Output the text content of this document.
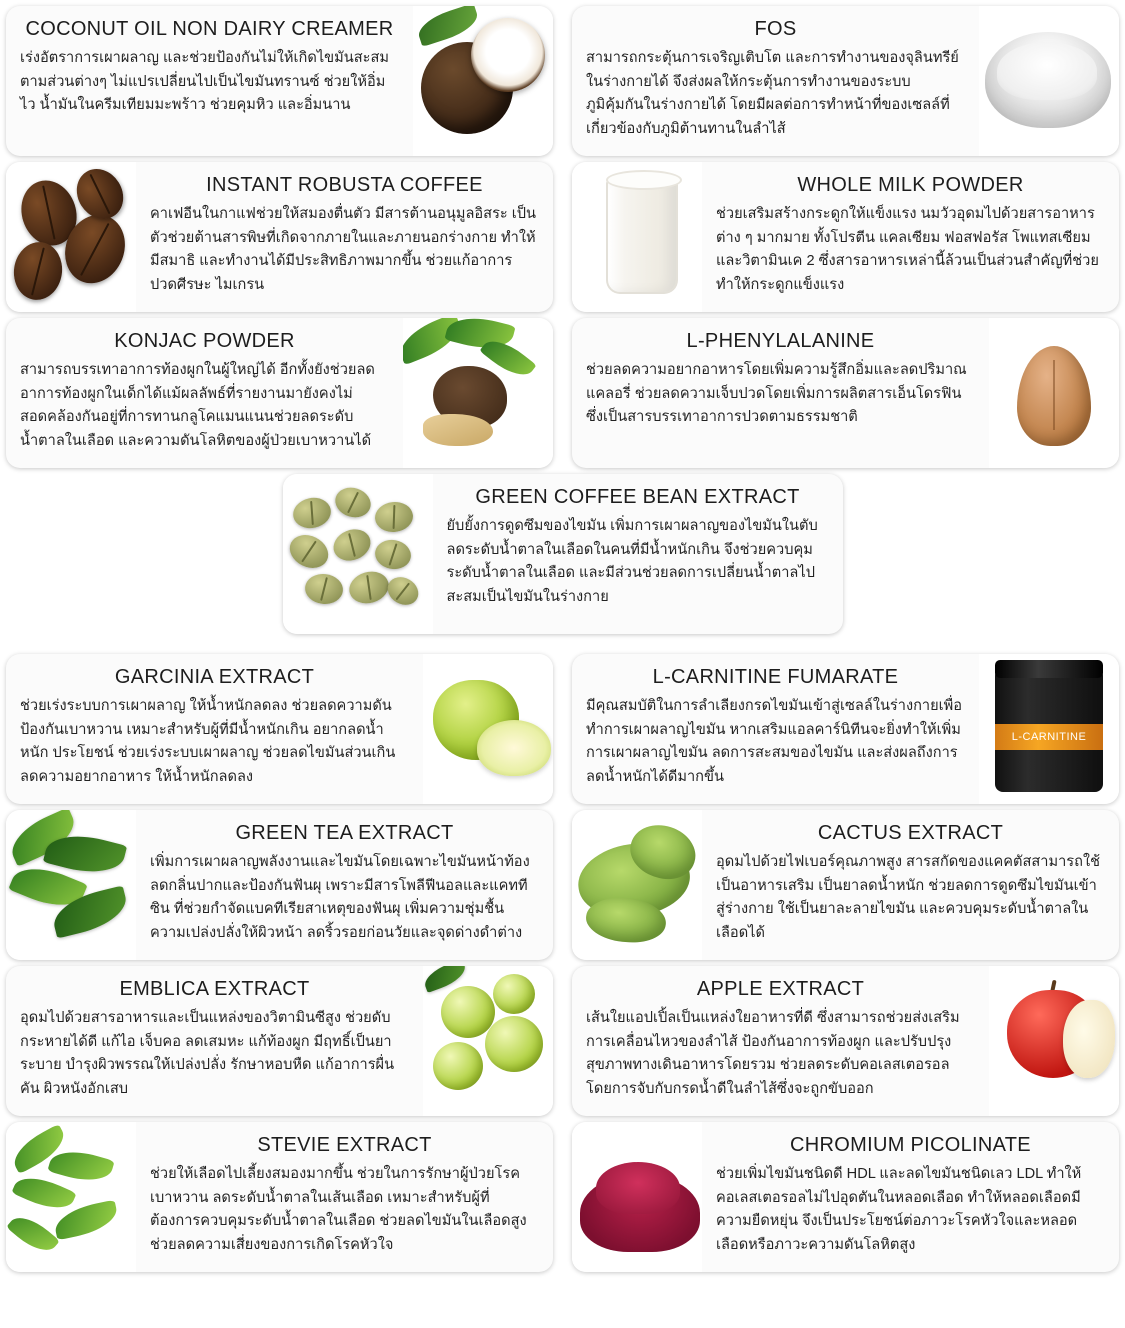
COCONUT OIL NON DAIRY CREAMER
เร่งอัตราการเผาผลาญ และช่วยป้องกันไม่ให้เกิดไขมันสะสมตามส่วนต่างๆ ไม่แปรเปลี่ยนไปเป็นไขมันทรานซ์ ช่วยให้อิ่มไว น้ำมันในครีมเทียมมะพร้าว ช่วยคุมหิว และอิ่มนาน
FOS
สามารถกระตุ้นการเจริญเติบโต และการทำงานของจุลินทรีย์ในร่างกายได้ จึงส่งผลให้กระตุ้นการทำงานของระบบภูมิคุ้มกันในร่างกายได้ โดยมีผลต่อการทำหน้าที่ของเซลล์ที่เกี่ยวข้องกับภูมิต้านทานในลำไส้
INSTANT ROBUSTA COFFEE
คาเฟอีนในกาแฟช่วยให้สมองตื่นตัว มีสารต้านอนุมูลอิสระ เป็นตัวช่วยต้านสารพิษที่เกิดจากภายในและภายนอกร่างกาย ทำให้มีสมาธิ และทำงานได้มีประสิทธิภาพมากขึ้น ช่วยแก้อาการปวดศีรษะ ไมเกรน
WHOLE MILK POWDER
ช่วยเสริมสร้างกระดูกให้แข็งแรง นมวัวอุดมไปด้วยสารอาหารต่าง ๆ มากมาย ทั้งโปรตีน แคลเซียม ฟอสฟอรัส โพแทสเซียม และวิตามินเค 2 ซึ่งสารอาหารเหล่านี้ล้วนเป็นส่วนสำคัญที่ช่วยทำให้กระดูกแข็งแรง
KONJAC POWDER
สามารถบรรเทาอาการท้องผูกในผู้ใหญ่ได้ อีกทั้งยังช่วยลดอาการท้องผูกในเด็กได้แม้ผลลัพธ์ที่รายงานมายังคงไม่สอดคล้องกันอยู่ที่การทานกลูโคแมนแนนช่วยลดระดับน้ำตาลในเลือด และความดันโลหิตของผู้ป่วยเบาหวานได้
L-PHENYLALANINE
ช่วยลดความอยากอาหารโดยเพิ่มความรู้สึกอิ่มและลดปริมาณแคลอรี่ ช่วยลดความเจ็บปวดโดยเพิ่มการผลิตสารเอ็นโดรฟินซึ่งเป็นสารบรรเทาอาการปวดตามธรรมชาติ
GREEN COFFEE BEAN EXTRACT
ยับยั้งการดูดซึมของไขมัน เพิ่มการเผาผลาญของไขมันในตับ ลดระดับน้ำตาลในเลือดในคนที่มีน้ำหนักเกิน จึงช่วยควบคุมระดับน้ำตาลในเลือด และมีส่วนช่วยลดการเปลี่ยนน้ำตาลไปสะสมเป็นไขมันในร่างกาย
GARCINIA EXTRACT
ช่วยเร่งระบบการเผาผลาญ ให้น้ำหนักลดลง ช่วยลดความดัน ป้องกันเบาหวาน เหมาะสำหรับผู้ที่มีน้ำหนักเกิน อยากลดน้ำหนัก ประโยชน์ ช่วยเร่งระบบเผาผลาญ ช่วยลดไขมันส่วนเกิน ลดความอยากอาหาร ให้น้ำหนักลดลง
L-CARNITINE FUMARATE
มีคุณสมบัติในการลำเลียงกรดไขมันเข้าสู่เซลล์ในร่างกายเพื่อทำการเผาผลาญไขมัน หากเสริมแอลคาร์นิทีนจะยิ่งทำให้เพิ่มการเผาผลาญไขมัน ลดการสะสมของไขมัน และส่งผลถึงการลดน้ำหนักได้ดีมากขึ้น
L-CARNITINE
GREEN TEA EXTRACT
เพิ่มการเผาผลาญพลังงานและไขมันโดยเฉพาะไขมันหน้าท้อง ลดกลิ่นปากและป้องกันฟันผุ เพราะมีสารโพลีฟีนอลและแคททีซิน ที่ช่วยกำจัดแบคทีเรียสาเหตุของฟันผุ เพิ่มความชุ่มชื้น ความเปล่งปลั่งให้ผิวหน้า ลดริ้วรอยก่อนวัยและจุดด่างดำต่าง
CACTUS EXTRACT
อุดมไปด้วยไฟเบอร์คุณภาพสูง สารสกัดของแคคตัสสามารถใช้เป็นอาหารเสริม เป็นยาลดน้ำหนัก ช่วยลดการดูดซึมไขมันเข้าสู่ร่างกาย ใช้เป็นยาละลายไขมัน และควบคุมระดับน้ำตาลในเลือดได้
EMBLICA EXTRACT
อุดมไปด้วยสารอาหารและเป็นแหล่งของวิตามินซีสูง ช่วยดับกระหายได้ดี แก้ไอ เจ็บคอ ลดเสมหะ แก้ท้องผูก มีฤทธิ์เป็นยาระบาย บำรุงผิวพรรณให้เปล่งปลั่ง รักษาหอบหืด แก้อาการผื่นคัน ผิวหนังอักเสบ
APPLE EXTRACT
เส้นใยแอปเปิ้ลเป็นแหล่งใยอาหารที่ดี ซึ่งสามารถช่วยส่งเสริมการเคลื่อนไหวของลำไส้ ป้องกันอาการท้องผูก และปรับปรุงสุขภาพทางเดินอาหารโดยรวม ช่วยลดระดับคอเลสเตอรอลโดยการจับกับกรดน้ำดีในลำไส้ซึ่งจะถูกขับออก
STEVIE EXTRACT
ช่วยให้เลือดไปเลี้ยงสมองมากขึ้น ช่วยในการรักษาผู้ป่วยโรคเบาหวาน ลดระดับน้ำตาลในเส้นเลือด เหมาะสำหรับผู้ที่ต้องการควบคุมระดับน้ำตาลในเลือด ช่วยลดไขมันในเลือดสูง ช่วยลดความเสี่ยงของการเกิดโรคหัวใจ
CHROMIUM PICOLINATE
ช่วยเพิ่มไขมันชนิดดี HDL และลดไขมันชนิดเลว LDL ทำให้คอเลสเตอรอลไม่ไปอุดตันในหลอดเลือด ทำให้หลอดเลือดมีความยืดหยุ่น จึงเป็นประโยชน์ต่อภาวะโรคหัวใจและหลอดเลือดหรือภาวะความดันโลหิตสูง
